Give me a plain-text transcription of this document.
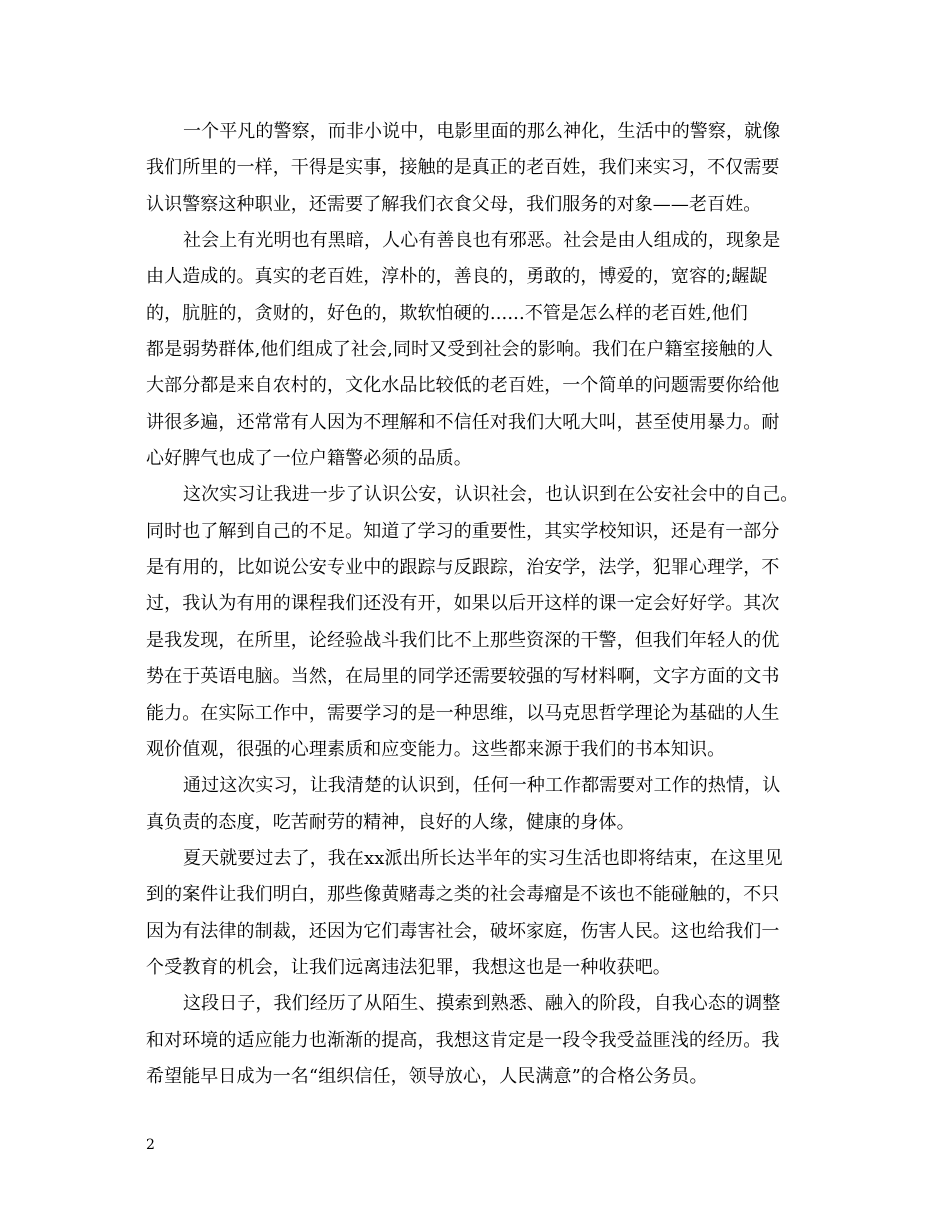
一个平凡的警察，而非小说中，电影里面的那么神化，生活中的警察，就像
我们所里的一样，干得是实事，接触的是真正的老百姓，我们来实习，不仅需要
认识警察这种职业，还需要了解我们衣食父母，我们服务的对象——老百姓。
社会上有光明也有黑暗，人心有善良也有邪恶。社会是由人组成的，现象是
由人造成的。真实的老百姓，淳朴的，善良的，勇敢的，博爱的，宽容的;龌龊
的，肮脏的，贪财的，好色的，欺软怕硬的......不管是怎么样的老百姓,他们
都是弱势群体,他们组成了社会,同时又受到社会的影响。我们在户籍室接触的人
大部分都是来自农村的，文化水品比较低的老百姓，一个简单的问题需要你给他
讲很多遍，还常常有人因为不理解和不信任对我们大吼大叫，甚至使用暴力。耐
心好脾气也成了一位户籍警必须的品质。
这次实习让我进一步了认识公安，认识社会，也认识到在公安社会中的自己。
同时也了解到自己的不足。知道了学习的重要性，其实学校知识，还是有一部分
是有用的，比如说公安专业中的跟踪与反跟踪，治安学，法学，犯罪心理学，不
过，我认为有用的课程我们还没有开，如果以后开这样的课一定会好好学。其次
是我发现，在所里，论经验战斗我们比不上那些资深的干警，但我们年轻人的优
势在于英语电脑。当然，在局里的同学还需要较强的写材料啊，文字方面的文书
能力。在实际工作中，需要学习的是一种思维，以马克思哲学理论为基础的人生
观价值观，很强的心理素质和应变能力。这些都来源于我们的书本知识。
通过这次实习，让我清楚的认识到，任何一种工作都需要对工作的热情，认
真负责的态度，吃苦耐劳的精神，良好的人缘，健康的身体。
夏天就要过去了，我在xx派出所长达半年的实习生活也即将结束，在这里见
到的案件让我们明白，那些像黄赌毒之类的社会毒瘤是不该也不能碰触的，不只
因为有法律的制裁，还因为它们毒害社会，破坏家庭，伤害人民。这也给我们一
个受教育的机会，让我们远离违法犯罪，我想这也是一种收获吧。
这段日子，我们经历了从陌生、摸索到熟悉、融入的阶段，自我心态的调整
和对环境的适应能力也渐渐的提高，我想这肯定是一段令我受益匪浅的经历。我
希望能早日成为一名“组织信任，领导放心，人民满意”的合格公务员。
2
